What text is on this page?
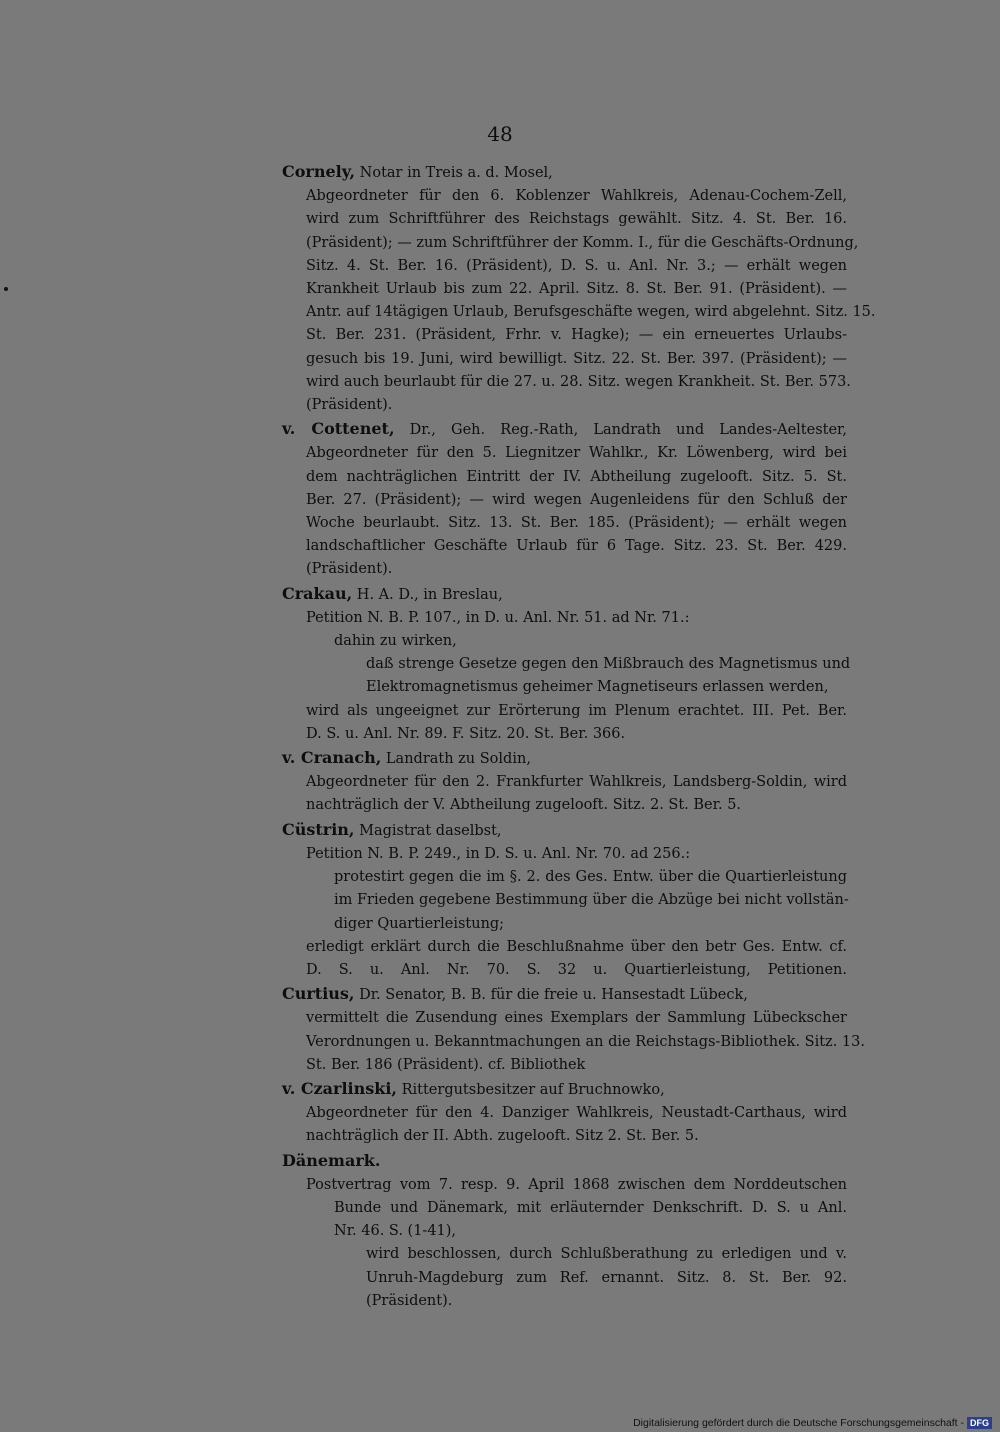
48
Cornely, Notar in Treis a. d. Mosel,
Abgeordneter für den 6. Koblenzer Wahlkreis, Adenau-Cochem-Zell,
wird zum Schriftführer des Reichstags gewählt. Sitz. 4. St. Ber. 16.
(Präsident); — zum Schriftführer der Komm. I., für die Geschäfts-Ordnung,
Sitz. 4. St. Ber. 16. (Präsident), D. S. u. Anl. Nr. 3.; — erhält wegen
Krankheit Urlaub bis zum 22. April. Sitz. 8. St. Ber. 91. (Präsident). —
Antr. auf 14tägigen Urlaub, Berufsgeschäfte wegen, wird abgelehnt. Sitz. 15.
St. Ber. 231. (Präsident, Frhr. v. Hagke); — ein erneuertes Urlaubs-
gesuch bis 19. Juni, wird bewilligt. Sitz. 22. St. Ber. 397. (Präsident); —
wird auch beurlaubt für die 27. u. 28. Sitz. wegen Krankheit. St. Ber. 573.
(Präsident).
v. Cottenet, Dr., Geh. Reg.-Rath, Landrath und Landes-Aeltester,
Abgeordneter für den 5. Liegnitzer Wahlkr., Kr. Löwenberg, wird bei
dem nachträglichen Eintritt der IV. Abtheilung zugelooft. Sitz. 5. St.
Ber. 27. (Präsident); — wird wegen Augenleidens für den Schluß der
Woche beurlaubt. Sitz. 13. St. Ber. 185. (Präsident); — erhält wegen
landschaftlicher Geschäfte Urlaub für 6 Tage. Sitz. 23. St. Ber. 429.
(Präsident).
Crakau, H. A. D., in Breslau,
Petition N. B. P. 107., in D. u. Anl. Nr. 51. ad Nr. 71.:
dahin zu wirken,
daß strenge Gesetze gegen den Mißbrauch des Magnetismus und
Elektromagnetismus geheimer Magnetiseurs erlassen werden,
wird als ungeeignet zur Erörterung im Plenum erachtet. III. Pet. Ber.
D. S. u. Anl. Nr. 89. F. Sitz. 20. St. Ber. 366.
v. Cranach, Landrath zu Soldin,
Abgeordneter für den 2. Frankfurter Wahlkreis, Landsberg-Soldin, wird
nachträglich der V. Abtheilung zugelooft. Sitz. 2. St. Ber. 5.
Cüstrin, Magistrat daselbst,
Petition N. B. P. 249., in D. S. u. Anl. Nr. 70. ad 256.:
protestirt gegen die im §. 2. des Ges. Entw. über die Quartierleistung
im Frieden gegebene Bestimmung über die Abzüge bei nicht vollstän-
diger Quartierleistung;
erledigt erklärt durch die Beschlußnahme über den betr Ges. Entw. cf.
D. S. u. Anl. Nr. 70. S. 32 u. Quartierleistung, Petitionen.
Curtius, Dr. Senator, B. B. für die freie u. Hansestadt Lübeck,
vermittelt die Zusendung eines Exemplars der Sammlung Lübeckscher
Verordnungen u. Bekanntmachungen an die Reichstags-Bibliothek. Sitz. 13.
St. Ber. 186 (Präsident). cf. Bibliothek
v. Czarlinski, Rittergutsbesitzer auf Bruchnowko,
Abgeordneter für den 4. Danziger Wahlkreis, Neustadt-Carthaus, wird
nachträglich der II. Abth. zugelooft. Sitz 2. St. Ber. 5.
Dänemark.
Postvertrag vom 7. resp. 9. April 1868 zwischen dem Norddeutschen
Bunde und Dänemark, mit erläuternder Denkschrift. D. S. u Anl.
Nr. 46. S. (1-41),
wird beschlossen, durch Schlußberathung zu erledigen und v.
Unruh-Magdeburg zum Ref. ernannt. Sitz. 8. St. Ber. 92.
(Präsident).
Digitalisierung gefördert durch die Deutsche Forschungsgemeinschaft - DFG
